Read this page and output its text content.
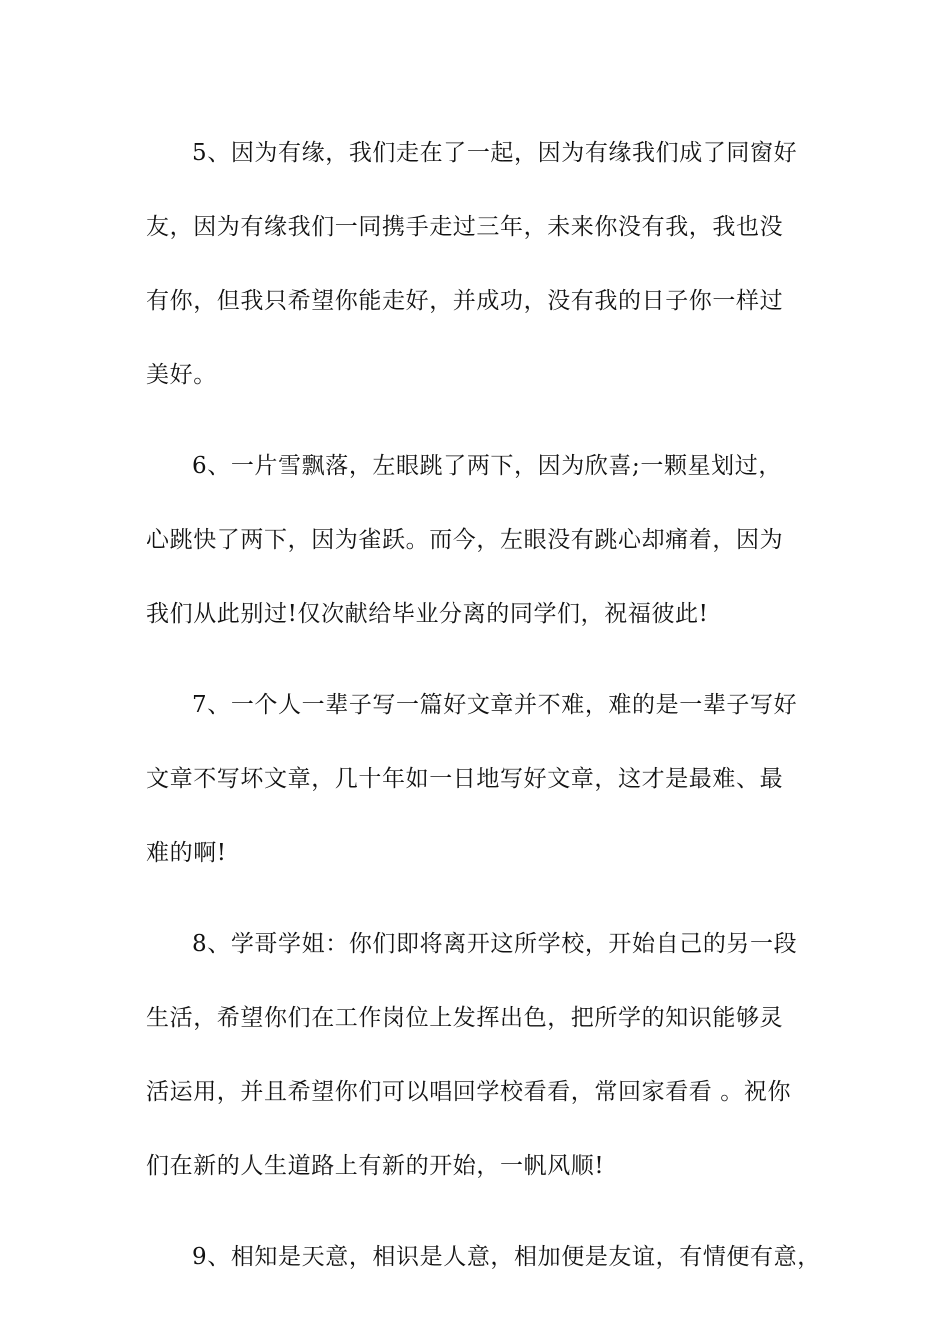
5、因为有缘，我们走在了一起，因为有缘我们成了同窗好
友，因为有缘我们一同携手走过三年，未来你没有我，我也没
有你，但我只希望你能走好，并成功，没有我的日子你一样过
美好。
6、一片雪飘落，左眼跳了两下，因为欣喜;一颗星划过，
心跳快了两下，因为雀跃。而今，左眼没有跳心却痛着，因为
我们从此别过!仅次献给毕业分离的同学们，祝福彼此!
7、一个人一辈子写一篇好文章并不难，难的是一辈子写好
文章不写坏文章，几十年如一日地写好文章，这才是最难、最
难的啊!
8、学哥学姐：你们即将离开这所学校，开始自己的另一段
生活，希望你们在工作岗位上发挥出色，把所学的知识能够灵
活运用，并且希望你们可以唱回学校看看，常回家看看 。祝你
们在新的人生道路上有新的开始，一帆风顺!
9、相知是天意，相识是人意，相加便是友谊，有情便有意，
